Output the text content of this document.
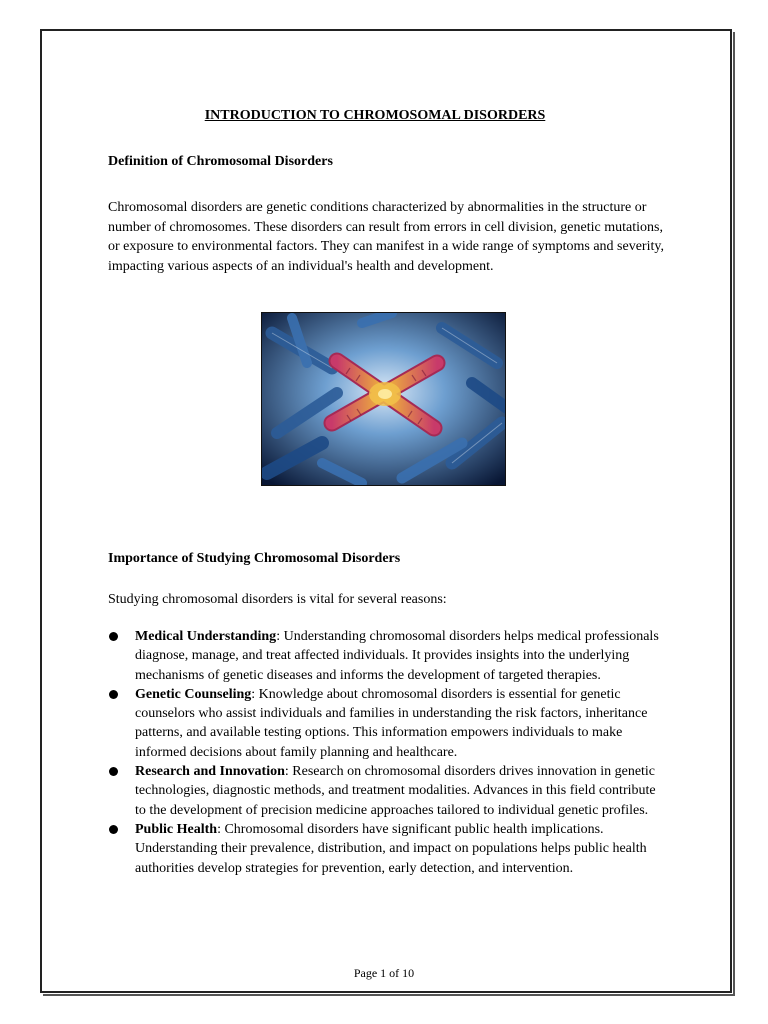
INTRODUCTION TO CHROMOSOMAL DISORDERS
Definition of Chromosomal Disorders
Chromosomal disorders are genetic conditions characterized by abnormalities in the structure or number of chromosomes. These disorders can result from errors in cell division, genetic mutations, or exposure to environmental factors. They can manifest in a wide range of symptoms and severity, impacting various aspects of an individual's health and development.
Importance of Studying Chromosomal Disorders
Studying chromosomal disorders is vital for several reasons:
Medical Understanding: Understanding chromosomal disorders helps medical professionals diagnose, manage, and treat affected individuals. It provides insights into the underlying mechanisms of genetic diseases and informs the development of targeted therapies.
Genetic Counseling: Knowledge about chromosomal disorders is essential for genetic counselors who assist individuals and families in understanding the risk factors, inheritance patterns, and available testing options. This information empowers individuals to make informed decisions about family planning and healthcare.
Research and Innovation: Research on chromosomal disorders drives innovation in genetic technologies, diagnostic methods, and treatment modalities. Advances in this field contribute to the development of precision medicine approaches tailored to individual genetic profiles.
Public Health: Chromosomal disorders have significant public health implications. Understanding their prevalence, distribution, and impact on populations helps public health authorities develop strategies for prevention, early detection, and intervention.
Page 1 of 10
